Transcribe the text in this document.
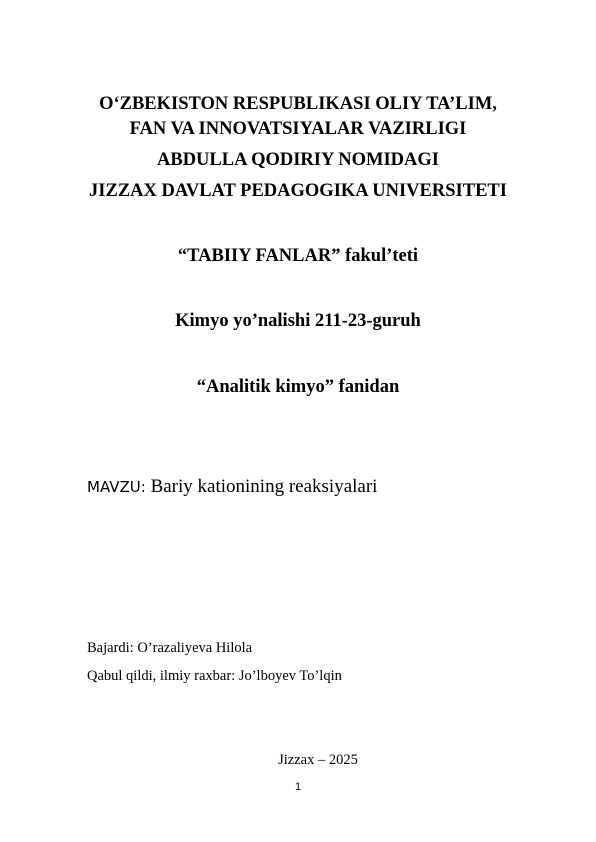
O‘ZBEKISTON RESPUBLIKASI OLIY TA’LIM,
FAN VA INNOVATSIYALAR VAZIRLIGI
ABDULLA QODIRIY NOMIDAGI
JIZZAX DAVLAT PEDAGOGIKA UNIVERSITETI
“TABIIY FANLAR” fakul’teti
Kimyo yo’nalishi 211-23-guruh
“Analitik kimyo” fanidan
MAVZU: Bariy kationining reaksiyalari
Bajardi: O’razaliyeva Hilola
Qabul qildi, ilmiy raxbar: Jo’lboyev To’lqin
Jizzax – 2025
1
